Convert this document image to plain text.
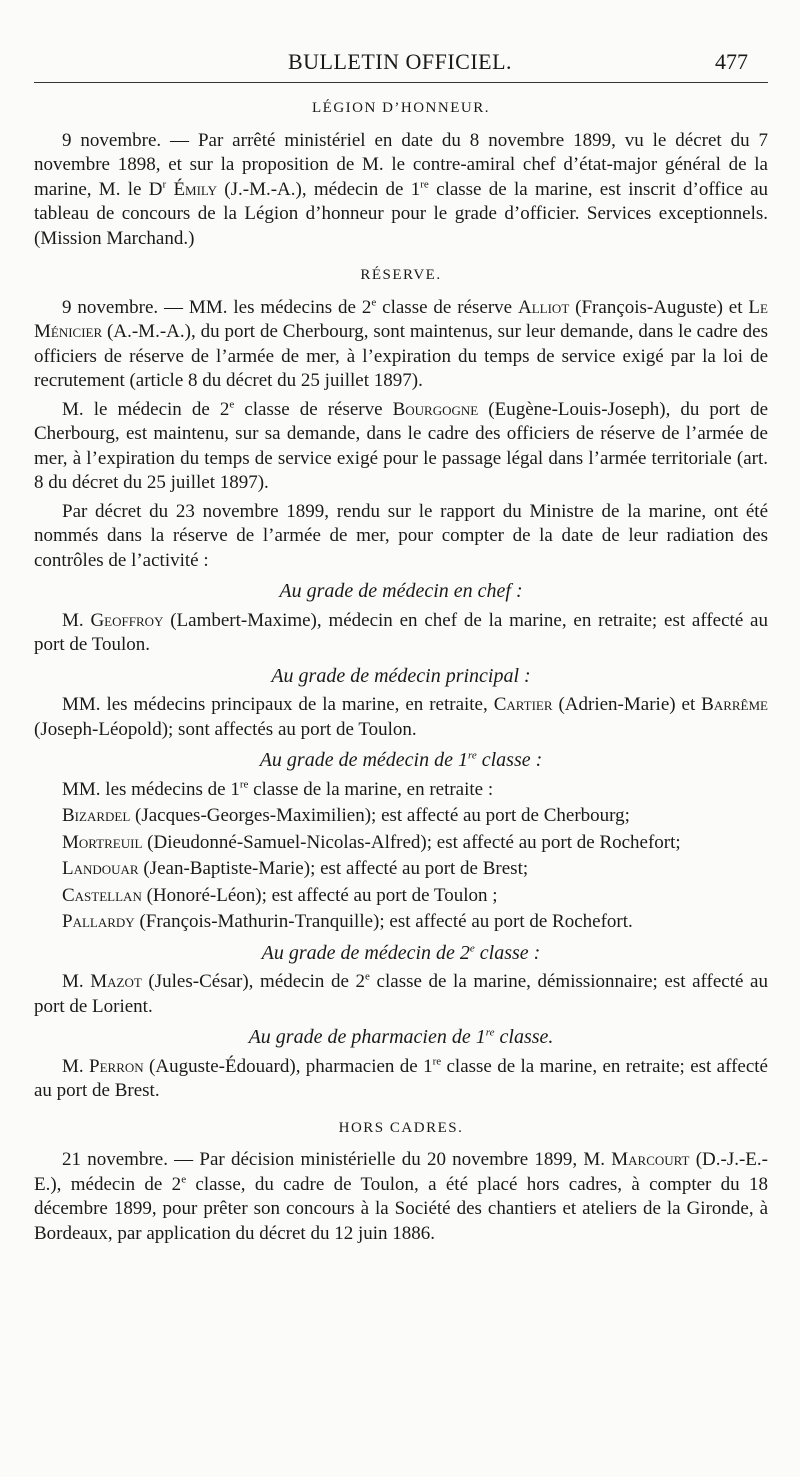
BULLETIN OFFICIEL.	477
LÉGION D’HONNEUR.

9 novembre. — Par arrêté ministériel en date du 8 novembre 1899, vu le décret du 7 novembre 1898, et sur la proposition de M. le contre-amiral chef d’état-major général de la marine, M. le $D^r$ Émily (J.-M.-A.), médecin de 1re classe de la marine, est inscrit d’office au tableau de concours de la Légion d’honneur pour le grade d’officier. Services exceptionnels. (Mission Marchand.)

RÉSERVE.

9 novembre. — MM. les médecins de 2e classe de réserve Alliot (François-Auguste) et Le Ménicier (A.-M.-A.), du port de Cherbourg, sont maintenus, sur leur demande, dans le cadre des officiers de réserve de l’armée de mer, à l’expiration du temps de service exigé par la loi de recrutement (article 8 du décret du 25 juillet 1897).

M. le médecin de 2e classe de réserve Bourgogne (Eugène-Louis-Joseph), du port de Cherbourg, est maintenu, sur sa demande, dans le cadre des officiers de réserve de l’armée de mer, à l’expiration du temps de service exigé pour le passage légal dans l’armée territoriale (art. 8 du décret du 25 juillet 1897).

Par décret du 23 novembre 1899, rendu sur le rapport du Ministre de la marine, ont été nommés dans la réserve de l’armée de mer, pour compter de la date de leur radiation des contrôles de l’activité :

Au grade de médecin en chef :

M. Geoffroy (Lambert-Maxime), médecin en chef de la marine, en retraite; est affecté au port de Toulon.

Au grade de médecin principal :

MM. les médecins principaux de la marine, en retraite, Cartier (Adrien-Marie) et Barrême (Joseph-Léopold); sont affectés au port de Toulon.

Au grade de médecin de 1re classe :

MM. les médecins de 1re classe de la marine, en retraite :

Bizardel (Jacques-Georges-Maximilien); est affecté au port de Cherbourg;

Mortreuil (Dieudonné-Samuel-Nicolas-Alfred); est affecté au port de Rochefort;

Landouar (Jean-Baptiste-Marie); est affecté au port de Brest;

Castellan (Honoré-Léon); est affecté au port de Toulon ;

Pallardy (François-Mathurin-Tranquille); est affecté au port de Rochefort.

Au grade de médecin de 2e classe :

M. Mazot (Jules-César), médecin de 2e classe de la marine, démissionnaire; est affecté au port de Lorient.

Au grade de pharmacien de 1re classe.

M. Perron (Auguste-Édouard), pharmacien de 1re classe de la marine, en retraite; est affecté au port de Brest.

HORS CADRES.

21 novembre. — Par décision ministérielle du 20 novembre 1899, M. Marcourt (D.-J.-E.-E.), médecin de 2e classe, du cadre de Toulon, a été placé hors cadres, à compter du 18 décembre 1899, pour prêter son concours à la Société des chantiers et ateliers de la Gironde, à Bordeaux, par application du décret du 12 juin 1886.
